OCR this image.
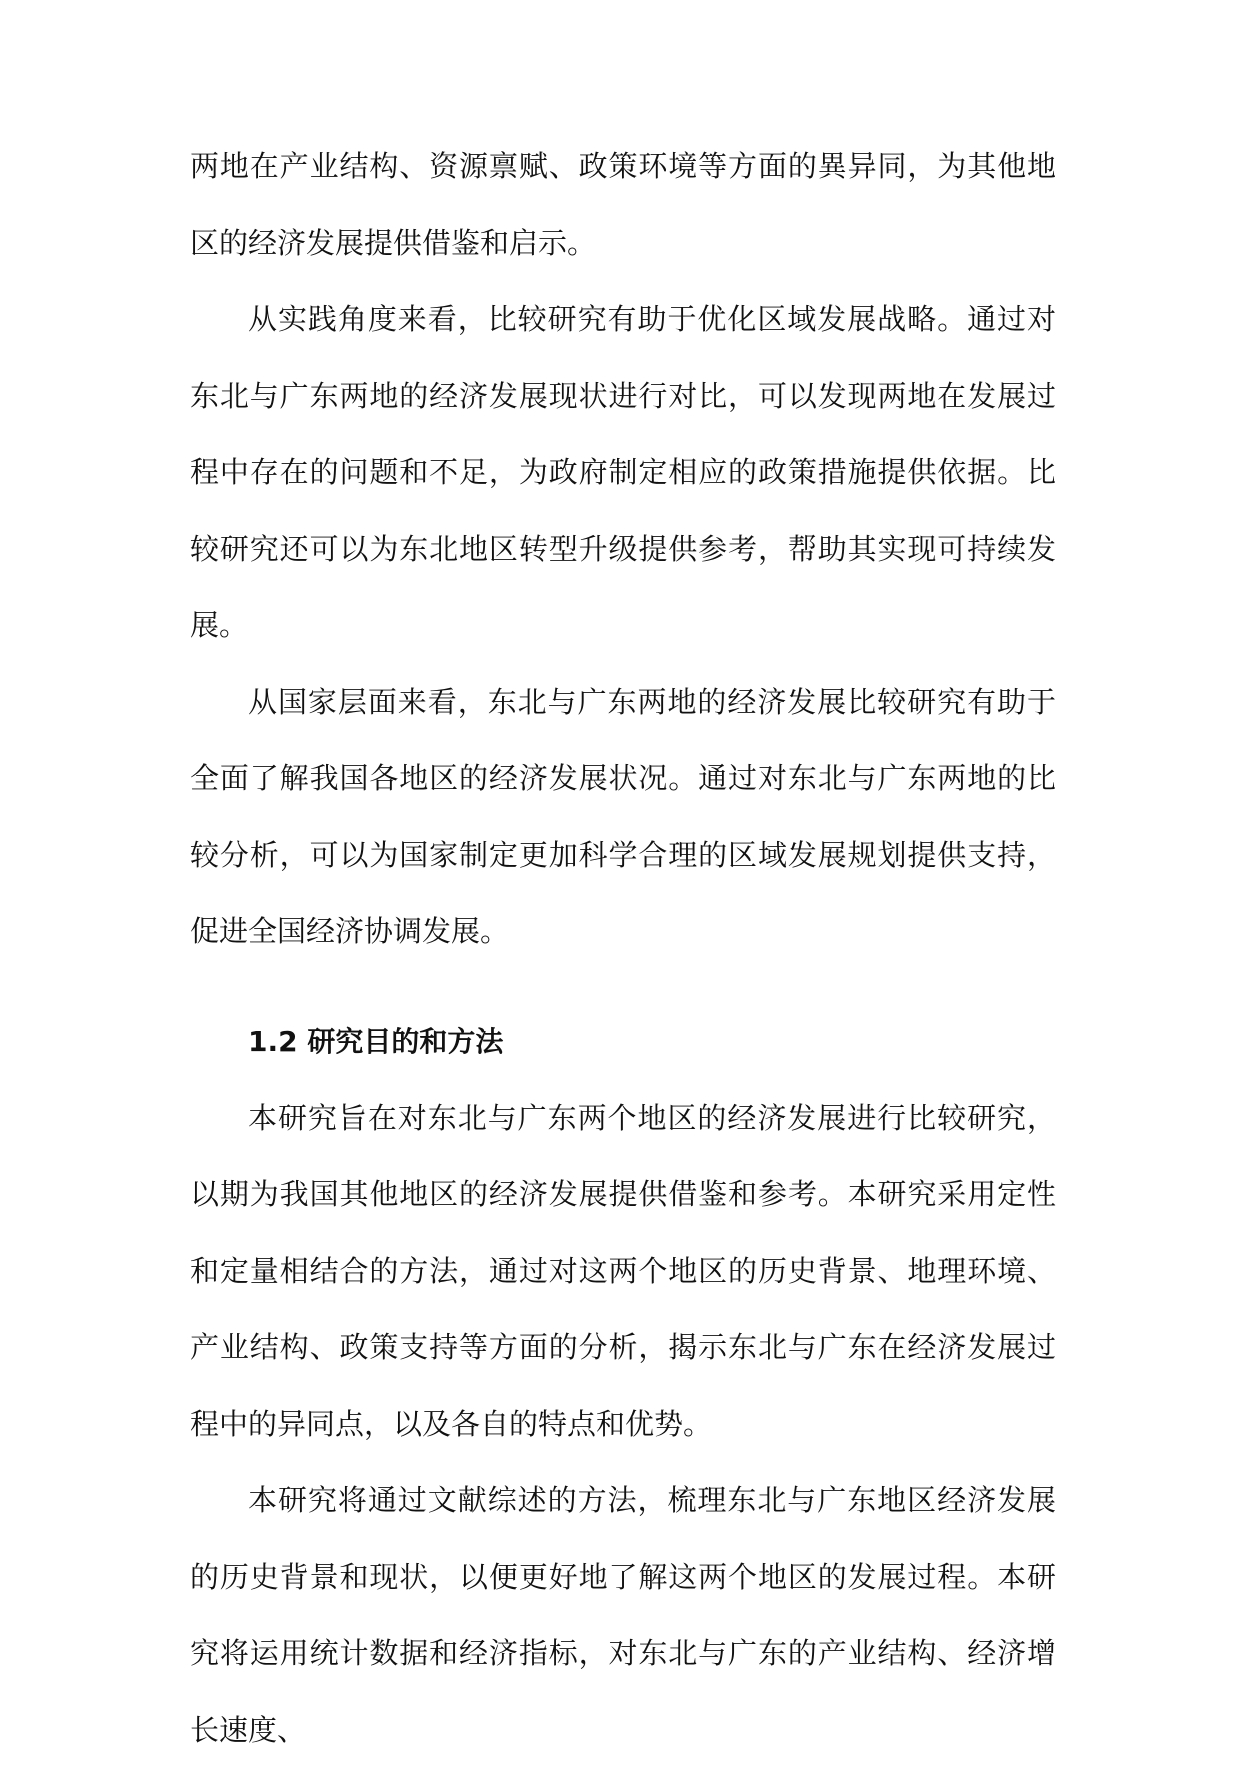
两地在产业结构、资源禀赋、政策环境等方面的異异同，为其他地区的经济发展提供借鉴和启示。

从实践角度来看，比较研究有助于优化区域发展战略。通过对东北与广东两地的经济发展现状进行对比，可以发现两地在发展过程中存在的问题和不足，为政府制定相应的政策措施提供依据。比较研究还可以为东北地区转型升级提供参考，帮助其实现可持续发展。

从国家层面来看，东北与广东两地的经济发展比较研究有助于全面了解我国各地区的经济发展状况。通过对东北与广东两地的比较分析，可以为国家制定更加科学合理的区域发展规划提供支持，促进全国经济协调发展。

1.2 研究目的和方法

本研究旨在对东北与广东两个地区的经济发展进行比较研究，以期为我国其他地区的经济发展提供借鉴和参考。本研究采用定性和定量相结合的方法，通过对这两个地区的历史背景、地理环境、产业结构、政策支持等方面的分析，揭示东北与广东在经济发展过程中的异同点，以及各自的特点和优势。

本研究将通过文献综述的方法，梳理东北与广东地区经济发展的历史背景和现状，以便更好地了解这两个地区的发展过程。本研究将运用统计数据和经济指标，对东北与广东的产业结构、经济增长速度、
